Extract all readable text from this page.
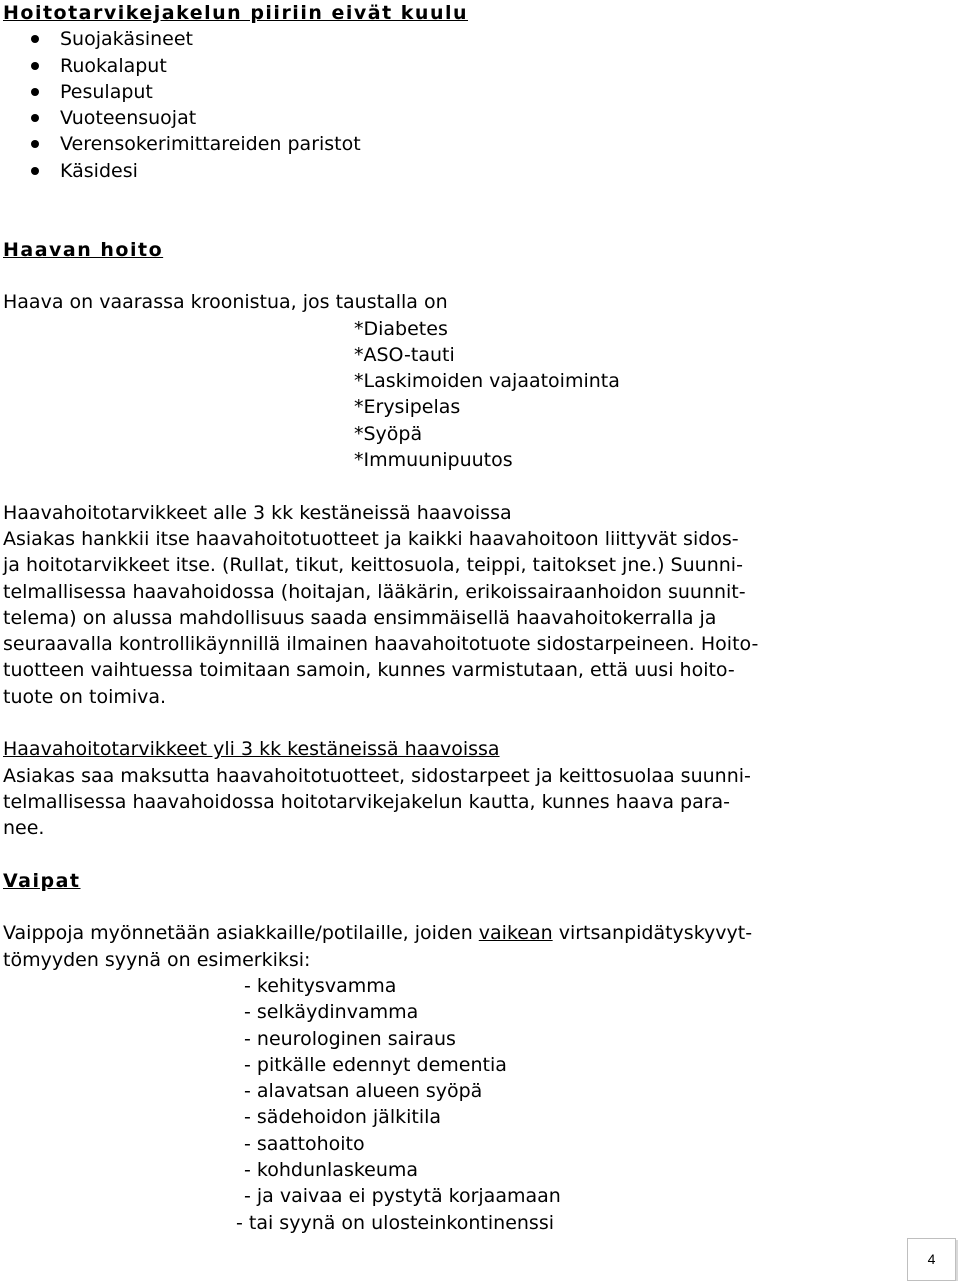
Hoitotarvikejakelun piiriin eivät kuulu
Suojakäsineet
Ruokalaput
Pesulaput
Vuoteensuojat
Verensokerimittareiden paristot
Käsidesi
Haavan hoito
Haava on vaarassa kroonistua, jos taustalla on
*Diabetes
*ASO-tauti
*Laskimoiden vajaatoiminta
*Erysipelas
*Syöpä
*Immuunipuutos
Haavahoitotarvikkeet alle 3 kk kestäneissä haavoissa
Asiakas hankkii itse haavahoitotuotteet ja kaikki haavahoitoon liittyvät sidos-
ja hoitotarvikkeet itse. (Rullat, tikut, keittosuola, teippi, taitokset jne.) Suunni-
telmallisessa haavahoidossa (hoitajan, lääkärin, erikoissairaanhoidon suunnit-
telema) on alussa mahdollisuus saada ensimmäisellä haavahoitokerralla ja
seuraavalla kontrollikäynnillä ilmainen haavahoitotuote sidostarpeineen. Hoito-
tuotteen vaihtuessa toimitaan samoin, kunnes varmistutaan, että uusi hoito-
tuote on toimiva.
Haavahoitotarvikkeet yli 3 kk kestäneissä haavoissa
Asiakas saa maksutta haavahoitotuotteet, sidostarpeet ja keittosuolaa suunni-
telmallisessa haavahoidossa hoitotarvikejakelun kautta, kunnes haava para-
nee.
Vaipat
Vaippoja myönnetään asiakkaille/potilaille, joiden vaikean virtsanpidätyskyvyt-
tömyyden syynä on esimerkiksi:
- kehitysvamma
- selkäydinvamma
- neurologinen sairaus
- pitkälle edennyt dementia
- alavatsan alueen syöpä
- sädehoidon jälkitila
- saattohoito
- kohdunlaskeuma
- ja vaivaa ei pystytä korjaamaan
- tai syynä on ulosteinkontinenssi
4
